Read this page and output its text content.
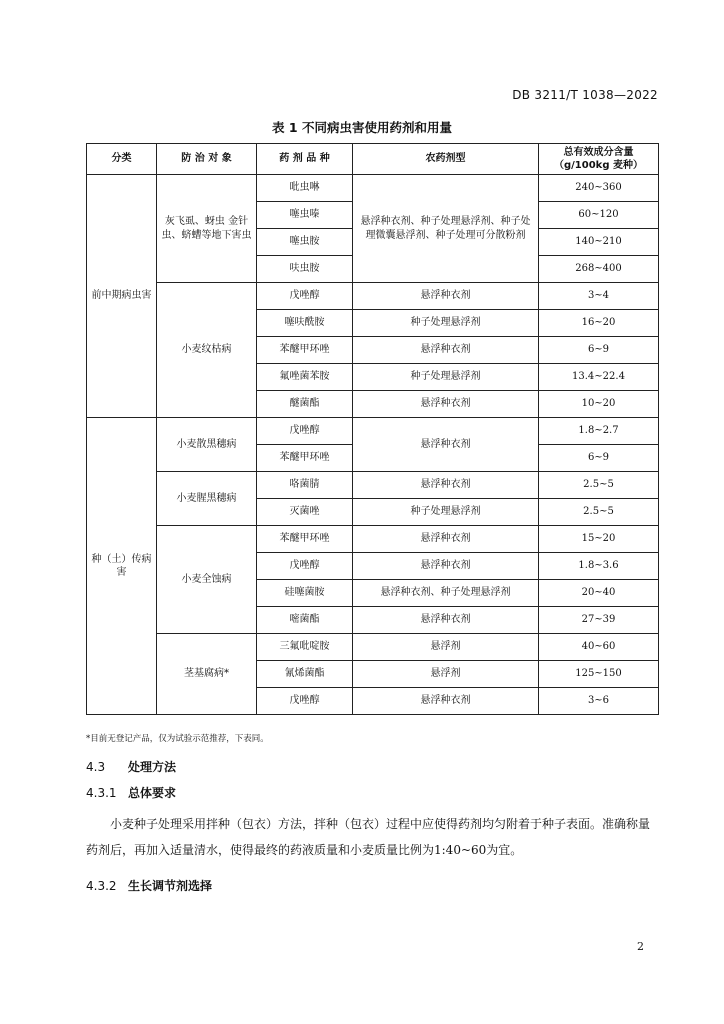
DB 3211/T 1038—2022
表 1 不同病虫害使用药剂和用量
分类	防 治 对 象	药 剂 品 种	农药剂型	总有效成分含量（g/100kg 麦种）
前中期病虫害	灰飞虱、蚜虫 金针虫、蛴螬等地下害虫	吡虫啉	悬浮种衣剂、种子处理悬浮剂、种子处理微囊悬浮剂、种子处理可分散粉剂	240~360
		噻虫嗪		60~120
		噻虫胺		140~210
		呋虫胺		268~400
	小麦纹枯病	戊唑醇	悬浮种衣剂	3~4
		噻呋酰胺	种子处理悬浮剂	16~20
		苯醚甲环唑	悬浮种衣剂	6~9
		氟唑菌苯胺	种子处理悬浮剂	13.4~22.4
		醚菌酯	悬浮种衣剂	10~20
种（土）传病害	小麦散黑穗病	戊唑醇	悬浮种衣剂	1.8~2.7
		苯醚甲环唑		6~9
	小麦腥黑穗病	咯菌腈	悬浮种衣剂	2.5~5
		灭菌唑	种子处理悬浮剂	2.5~5
	小麦全蚀病	苯醚甲环唑	悬浮种衣剂	15~20
		戊唑醇	悬浮种衣剂	1.8~3.6
		硅噻菌胺	悬浮种衣剂、种子处理悬浮剂	20~40
		嘧菌酯	悬浮种衣剂	27~39
	茎基腐病*	三氟吡啶胺	悬浮剂	40~60
		氰烯菌酯	悬浮剂	125~150
		戊唑醇	悬浮种衣剂	3~6
*目前无登记产品，仅为试验示范推荐，下表同。
4.3 处理方法
4.3.1 总体要求
小麦种子处理采用拌种（包衣）方法，拌种（包衣）过程中应使得药剂均匀附着于种子表面。准确称量药剂后，再加入适量清水，使得最终的药液质量和小麦质量比例为1:40~60为宜。
4.3.2 生长调节剂选择
2
